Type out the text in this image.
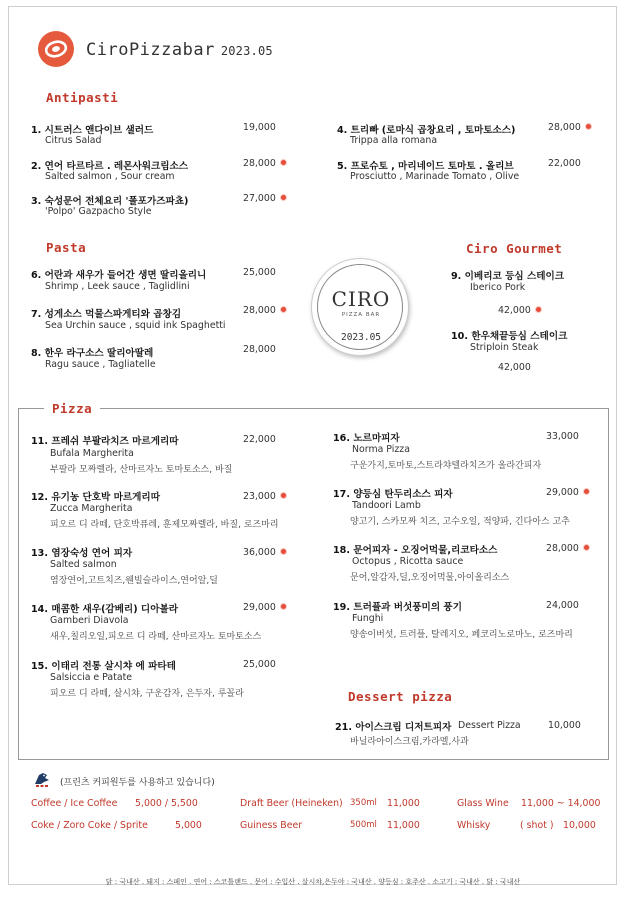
CiroPizzabar 2023.05
Antipasti
1. 시트러스 앤다이브 샐러드
Citrus Salad
19,000
2. 연어 타르타르 . 레몬사워크림소스
Salted salmon , Sour cream
28,000
3. 숙성문어 전체요리 '폴포가즈파쵸)
'Polpo' Gazpacho Style
27,000
4. 트리빠 (로마식 곱창요리 , 토마토소스)
Trippa alla romana
28,000
5. 프로슈토 , 마리네이드 토마토 . 올리브
Prosciutto , Marinade Tomato , Olive
22,000
Pasta
6. 어란과 새우가 들어간 생면 딸리올리니
Shrimp , Leek sauce , Taglidlini
25,000
7. 성게소스 먹물스파게티와 곱창김
Sea Urchin sauce , squid ink Spaghetti
28,000
8. 한우 라구소스 딸리아딸레
Ragu sauce , Tagliatelle
28,000
CIRO
PIZZA BAR
2023.05
Ciro Gourmet
9. 이베리코 등심 스테이크
Iberico Pork
42,000
10. 한우채끝등심 스테이크
Striploin Steak
42,000
Pizza
11. 프레쉬 부팔라치즈 마르게리따
Bufala Margherita
부팔라 모짜렐라, 산마르자노 토마토소스, 바질
22,000
12. 유기농 단호박 마르게리따
Zucca Margherita
피오르 디 라떼, 단호박퓨레, 훈제모짜렐라, 바질, 로즈마리
23,000
13. 염장숙성 연어 피자
Salted salmon
염장연어,고트치즈,웬빌슬라이스,연어알,딜
36,000
14. 매콤한 새우(감베리) 디아볼라
Gamberi Diavola
새우,칠리오일,피오르 디 라떼, 산마르자노 토마토소스
29,000
15. 이태리 전통 살시챠 에 파타테
Salsiccia e Patate
피오르 디 라떼, 살시챠, 구운감자, 은두자, 루꼴라
25,000
16. 노르마피자
Norma Pizza
구운가지,토마토,스트라챠텔라치즈가 올라간피자
33,000
17. 양등심 탄두리소스 피자
Tandoori Lamb
양고기, 스카모짜 치즈, 고수오일, 적양파, 긴다아스 고추
29,000
18. 문어피자 - 오징어먹물,리코타소스
Octopus , Ricotta sauce
문어,알감자,딜,오징어먹물,아이올리소스
28,000
19. 트러플과 버섯풍미의 풍기
Funghi
양송이버섯, 트러플, 탈레지오, 페코리노로마노, 로즈마리
24,000
Dessert pizza
21. 아이스크림 디저트피자 Dessert Pizza
바닐라아이스크림,카라멜,사과
10,000
(프린츠 커피원두를 사용하고 있습니다)
Coffee / Ice Coffee 5,000 / 5,500
Coke / Zoro Coke / Sprite	5,000
Draft Beer (Heineken) 350ml 11,000
Guiness Beer	500ml 11,000
Glass Wine 11,000 ~ 14,000
Whisky	( shot ) 10,000
닭 : 국내산 . 돼지 : 스페인 . 연어 : 스코틀랜드 . 문어 : 수입산 . 살시챠,은두야 : 국내산 . 양등심 : 호주산 . 소고기 : 국내산 . 닭 : 국내산
